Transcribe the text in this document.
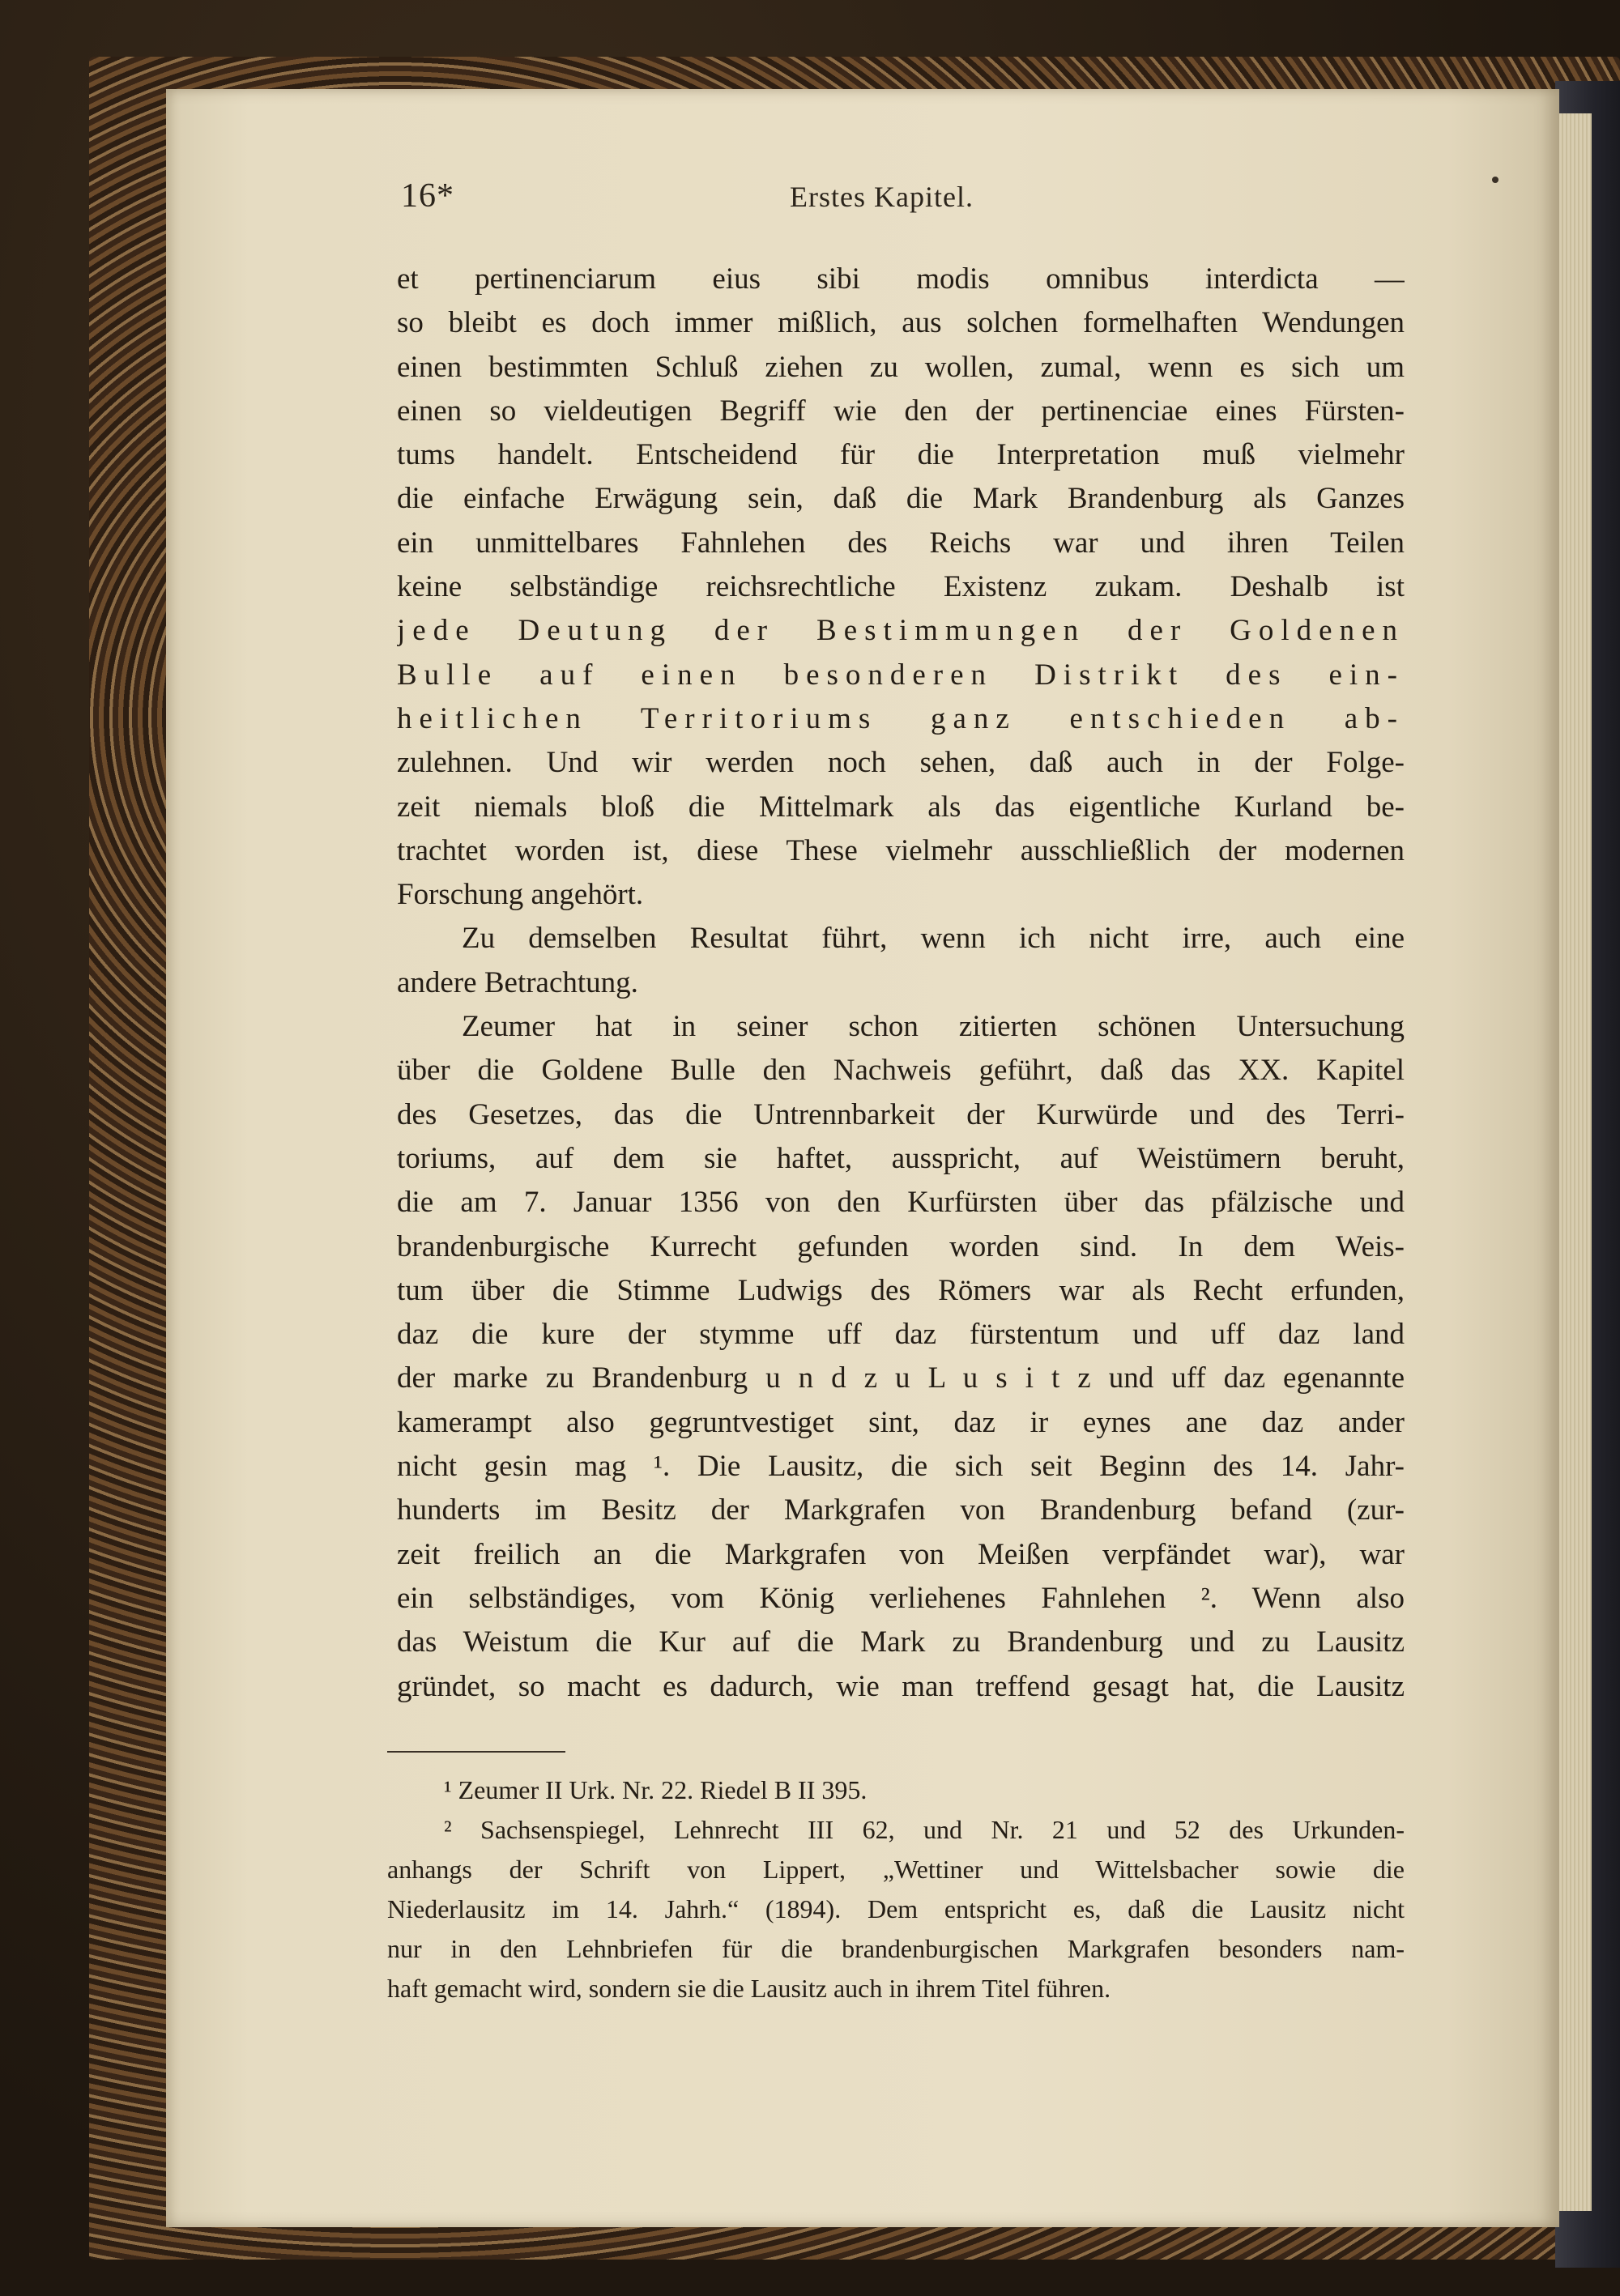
16*	Erstes Kapitel.
et pertinenciarum eius sibi modis omnibus interdicta —
so bleibt es doch immer mißlich, aus solchen formelhaften Wendungen
einen bestimmten Schluß ziehen zu wollen, zumal, wenn es sich um
einen so vieldeutigen Begriff wie den der pertinenciae eines Fürsten-
tums handelt. Entscheidend für die Interpretation muß vielmehr
die einfache Erwägung sein, daß die Mark Brandenburg als Ganzes
ein unmittelbares Fahnlehen des Reichs war und ihren Teilen
keine selbständige reichsrechtliche Existenz zukam. Deshalb ist
jede Deutung der Bestimmungen der Goldenen
Bulle auf einen besonderen Distrikt des ein-
heitlichen Territoriums ganz entschieden ab-
zulehnen. Und wir werden noch sehen, daß auch in der Folge-
zeit niemals bloß die Mittelmark als das eigentliche Kurland be-
trachtet worden ist, diese These vielmehr ausschließlich der modernen
Forschung angehört.
Zu demselben Resultat führt, wenn ich nicht irre, auch eine
andere Betrachtung.
Zeumer hat in seiner schon zitierten schönen Untersuchung
über die Goldene Bulle den Nachweis geführt, daß das XX. Kapitel
des Gesetzes, das die Untrennbarkeit der Kurwürde und des Terri-
toriums, auf dem sie haftet, ausspricht, auf Weistümern beruht,
die am 7. Januar 1356 von den Kurfürsten über das pfälzische und
brandenburgische Kurrecht gefunden worden sind. In dem Weis-
tum über die Stimme Ludwigs des Römers war als Recht erfunden,
daz die kure der stymme uff daz fürstentum und uff daz land
der marke zu Brandenburg u n d z u L u s i t z und uff daz egenannte
kamerampt also gegruntvestiget sint, daz ir eynes ane daz ander
nicht gesin mag ¹. Die Lausitz, die sich seit Beginn des 14. Jahr-
hunderts im Besitz der Markgrafen von Brandenburg befand (zur-
zeit freilich an die Markgrafen von Meißen verpfändet war), war
ein selbständiges, vom König verliehenes Fahnlehen ². Wenn also
das Weistum die Kur auf die Mark zu Brandenburg und zu Lausitz
gründet, so macht es dadurch, wie man treffend gesagt hat, die Lausitz
¹ Zeumer II Urk. Nr. 22. Riedel B II 395.
² Sachsenspiegel, Lehnrecht III 62, und Nr. 21 und 52 des Urkunden-
anhangs der Schrift von Lippert, „Wettiner und Wittelsbacher sowie die
Niederlausitz im 14. Jahrh.“ (1894). Dem entspricht es, daß die Lausitz nicht
nur in den Lehnbriefen für die brandenburgischen Markgrafen besonders nam-
haft gemacht wird, sondern sie die Lausitz auch in ihrem Titel führen.
